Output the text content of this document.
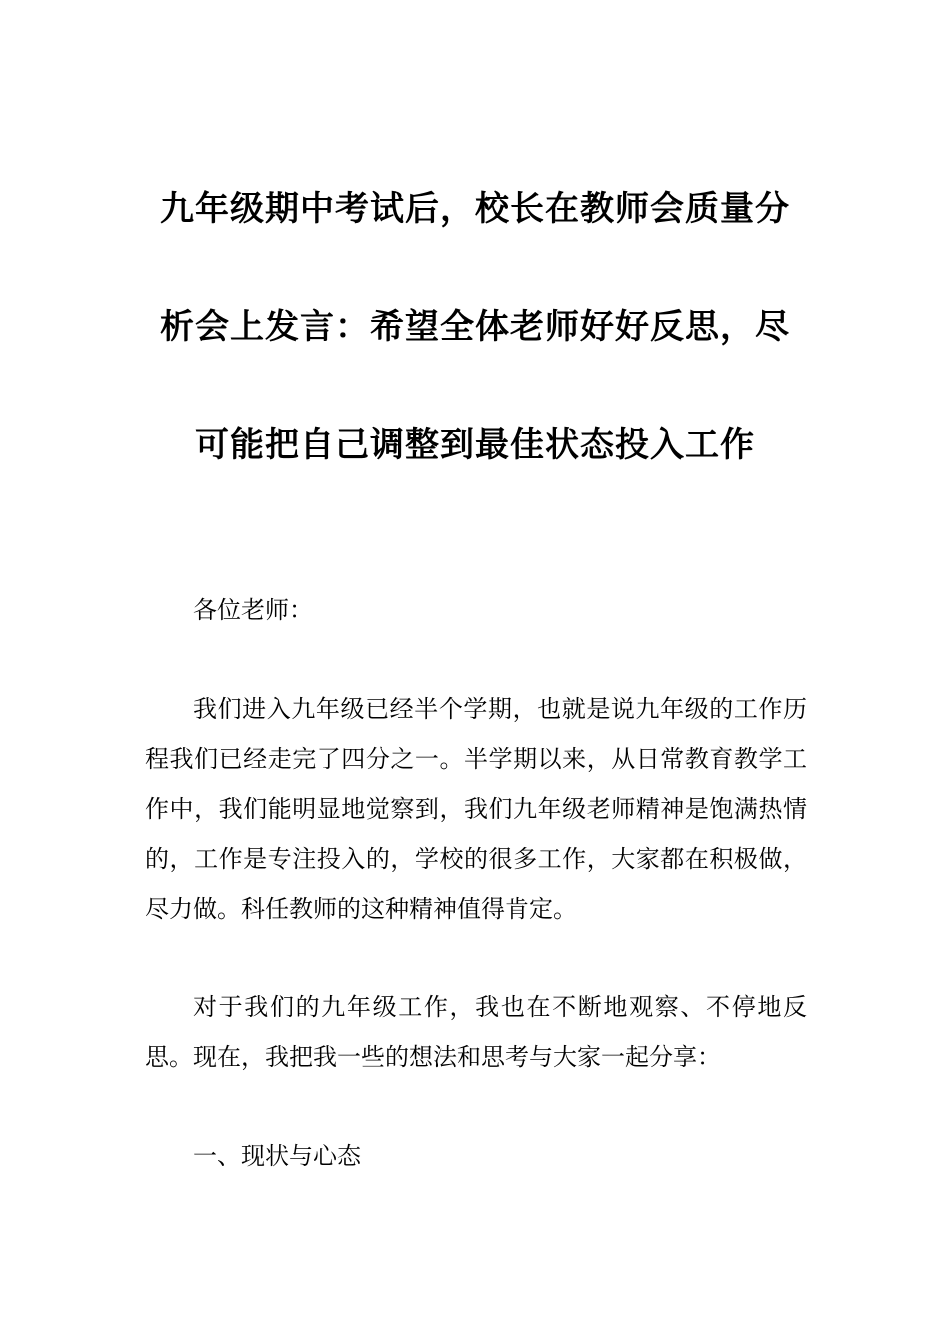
九年级期中考试后，校长在教师会质量分
析会上发言：希望全体老师好好反思，尽
可能把自己调整到最佳状态投入工作

各位老师：

我们进入九年级已经半个学期，也就是说九年级的工作历程我们已经走完了四分之一。半学期以来，从日常教育教学工作中，我们能明显地觉察到，我们九年级老师精神是饱满热情的，工作是专注投入的，学校的很多工作，大家都在积极做，尽力做。科任教师的这种精神值得肯定。

对于我们的九年级工作，我也在不断地观察、不停地反思。现在，我把我一些的想法和思考与大家一起分享：

一、现状与心态
